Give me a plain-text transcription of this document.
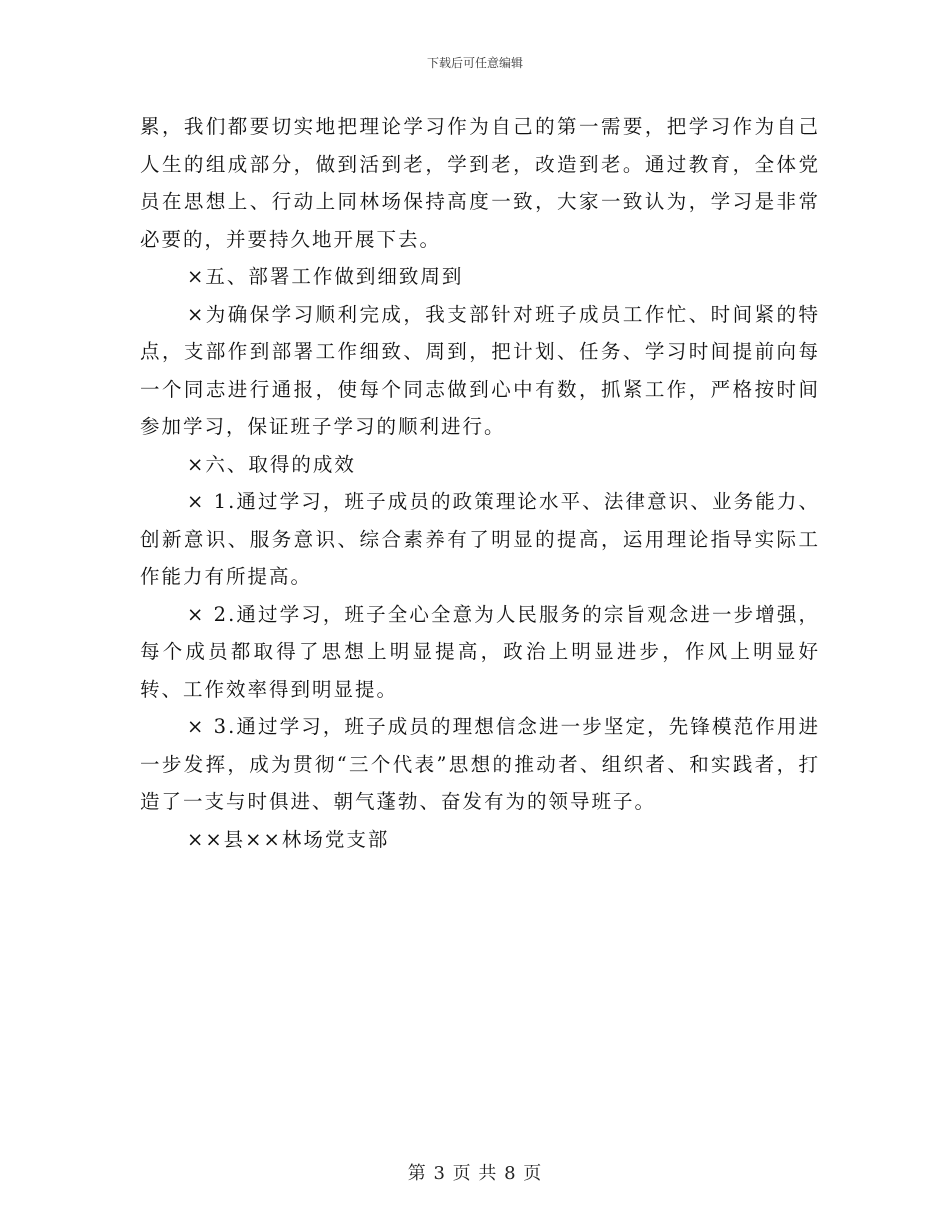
下载后可任意编辑

累，我们都要切实地把理论学习作为自己的第一需要，把学习作为自己人生的组成部分，做到活到老，学到老，改造到老。通过教育，全体党员在思想上、行动上同林场保持高度一致，大家一致认为，学习是非常必要的，并要持久地开展下去。

×五、部署工作做到细致周到

×为确保学习顺利完成，我支部针对班子成员工作忙、时间紧的特点，支部作到部署工作细致、周到，把计划、任务、学习时间提前向每一个同志进行通报，使每个同志做到心中有数，抓紧工作，严格按时间参加学习，保证班子学习的顺利进行。

×六、取得的成效

× 1.通过学习，班子成员的政策理论水平、法律意识、业务能力、创新意识、服务意识、综合素养有了明显的提高，运用理论指导实际工作能力有所提高。

× 2.通过学习，班子全心全意为人民服务的宗旨观念进一步增强，每个成员都取得了思想上明显提高，政治上明显进步，作风上明显好转、工作效率得到明显提。

× 3.通过学习，班子成员的理想信念进一步坚定，先锋模范作用进一步发挥，成为贯彻“三个代表”思想的推动者、组织者、和实践者，打造了一支与时俱进、朝气蓬勃、奋发有为的领导班子。

××县××林场党支部

第 3 页 共 8 页
